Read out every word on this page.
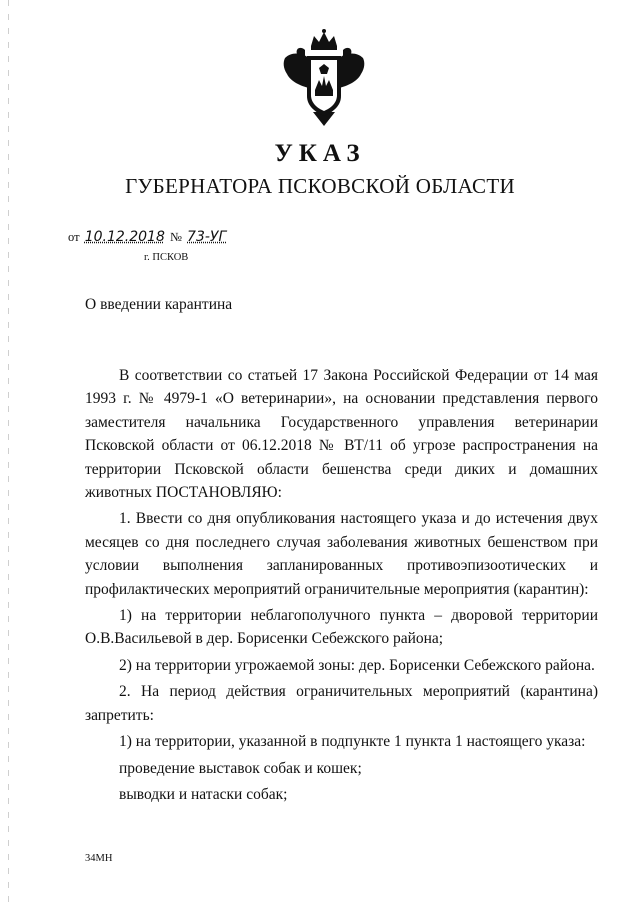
УКАЗ
ГУБЕРНАТОРА ПСКОВСКОЙ ОБЛАСТИ
от 10.12.2018 № 73-УГ
г. ПСКОВ
О введении карантина

В соответствии со статьей 17 Закона Российской Федерации от 14 мая 1993 г. № 4979-1 «О ветеринарии», на основании представления первого заместителя начальника Государственного управления ветеринарии Псковской области от 06.12.2018 № ВТ/11 об угрозе распространения на территории Псковской области бешенства среди диких и домашних животных ПОСТАНОВЛЯЮ:

1. Ввести со дня опубликования настоящего указа и до истечения двух месяцев со дня последнего случая заболевания животных бешенством при условии выполнения запланированных противоэпизоотических и профилактических мероприятий ограничительные мероприятия (карантин):

1) на территории неблагополучного пункта – дворовой территории О.В.Васильевой в дер. Борисенки Себежского района;

2) на территории угрожаемой зоны: дер. Борисенки Себежского района.

2. На период действия ограничительных мероприятий (карантина) запретить:

1) на территории, указанной в подпункте 1 пункта 1 настоящего указа:

проведение выставок собак и кошек;

выводки и натаски собак;

34МН
